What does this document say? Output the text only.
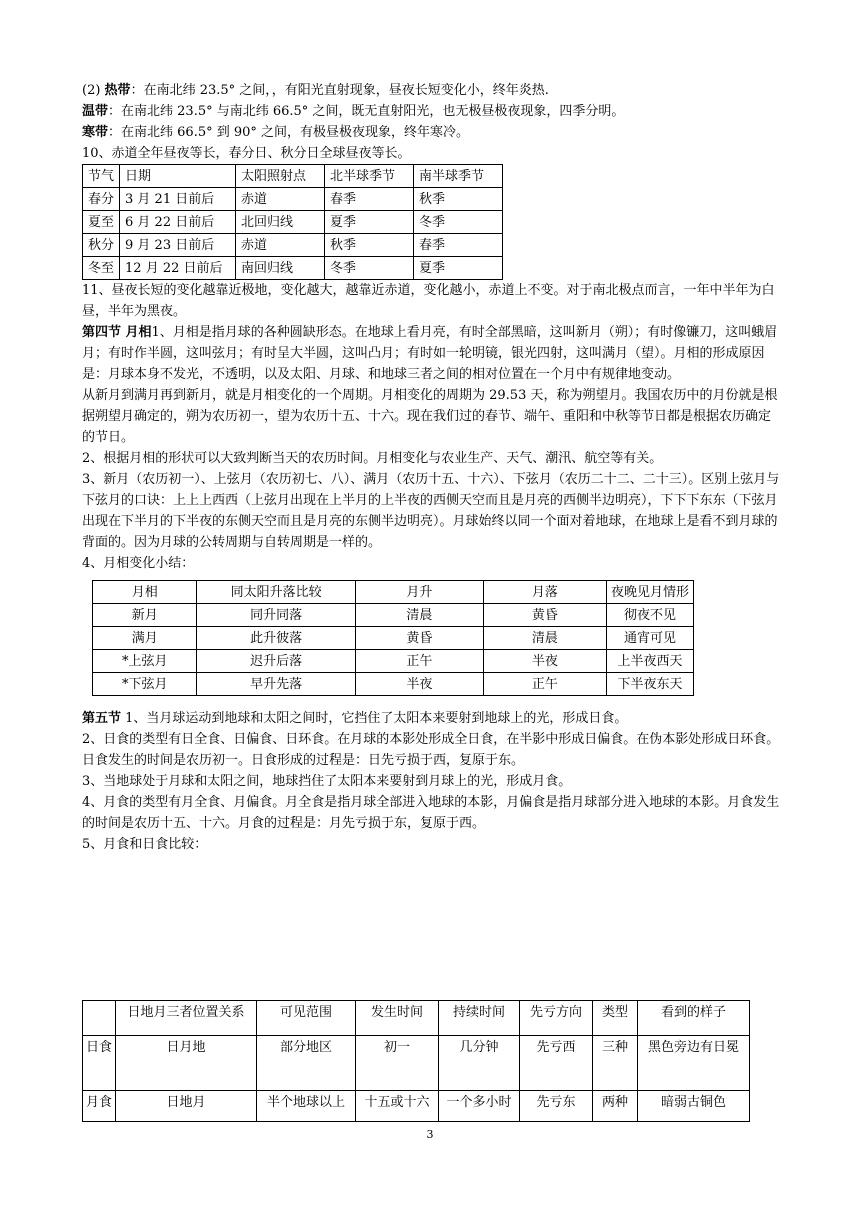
(2) 热带：在南北纬 23.5° 之间，，有阳光直射现象，昼夜长短变化小，终年炎热.

温带：在南北纬 23.5° 与南北纬 66.5° 之间，既无直射阳光，也无极昼极夜现象，四季分明。

寒带：在南北纬 66.5° 到 90° 之间，有极昼极夜现象，终年寒冷。

10、赤道全年昼夜等长，春分日、秋分日全球昼夜等长。

节气	日期	太阳照射点	北半球季节	南半球季节
春分	3 月 21 日前后	赤道	春季	秋季
夏至	6 月 22 日前后	北回归线	夏季	冬季
秋分	9 月 23 日前后	赤道	秋季	春季
冬至	12 月 22 日前后	南回归线	冬季	夏季

11、昼夜长短的变化越靠近极地，变化越大，越靠近赤道，变化越小，赤道上不变。对于南北极点而言，一年中半年为白昼，半年为黑夜。

第四节 月相1、月相是指月球的各种圆缺形态。在地球上看月亮，有时全部黑暗，这叫新月（朔）；有时像镰刀，这叫蛾眉月；有时作半圆，这叫弦月；有时呈大半圆，这叫凸月；有时如一轮明镜，银光四射，这叫满月（望）。月相的形成原因是：月球本身不发光，不透明，以及太阳、月球、和地球三者之间的相对位置在一个月中有规律地变动。

从新月到满月再到新月，就是月相变化的一个周期。月相变化的周期为 29.53 天，称为朔望月。我国农历中的月份就是根据朔望月确定的，朔为农历初一，望为农历十五、十六。现在我们过的春节、端午、重阳和中秋等节日都是根据农历确定的节日。

2、根据月相的形状可以大致判断当天的农历时间。月相变化与农业生产、天气、潮汛、航空等有关。

3、新月（农历初一）、上弦月（农历初七、八）、满月（农历十五、十六）、下弦月（农历二十二、二十三）。区别上弦月与下弦月的口诀：上上上西西（上弦月出现在上半月的上半夜的西侧天空而且是月亮的西侧半边明亮），下下下东东（下弦月出现在下半月的下半夜的东侧天空而且是月亮的东侧半边明亮）。月球始终以同一个面对着地球，在地球上是看不到月球的背面的。因为月球的公转周期与自转周期是一样的。

4、月相变化小结：

月相	同太阳升落比较	月升	月落	夜晚见月情形
新月	同升同落	清晨	黄昏	彻夜不见
满月	此升彼落	黄昏	清晨	通宵可见
*上弦月	迟升后落	正午	半夜	上半夜西天
*下弦月	早升先落	半夜	正午	下半夜东天

第五节 1、当月球运动到地球和太阳之间时，它挡住了太阳本来要射到地球上的光，形成日食。

2、日食的类型有日全食、日偏食、日环食。在月球的本影处形成全日食，在半影中形成日偏食。在伪本影处形成日环食。日食发生的时间是农历初一。日食形成的过程是：日先亏损于西，复原于东。

3、当地球处于月球和太阳之间，地球挡住了太阳本来要射到月球上的光，形成月食。

4、月食的类型有月全食、月偏食。月全食是指月球全部进入地球的本影，月偏食是指月球部分进入地球的本影。月食发生的时间是农历十五、十六。月食的过程是：月先亏损于东，复原于西。

5、月食和日食比较：

	日地月三者位置关系	可见范围	发生时间	持续时间	先亏方向	类型	看到的样子
日食	日月地	部分地区	初一	几分钟	先亏西	三种	黑色旁边有日冕
月食	日地月	半个地球以上	十五或十六	一个多小时	先亏东	两种	暗弱古铜色
3
